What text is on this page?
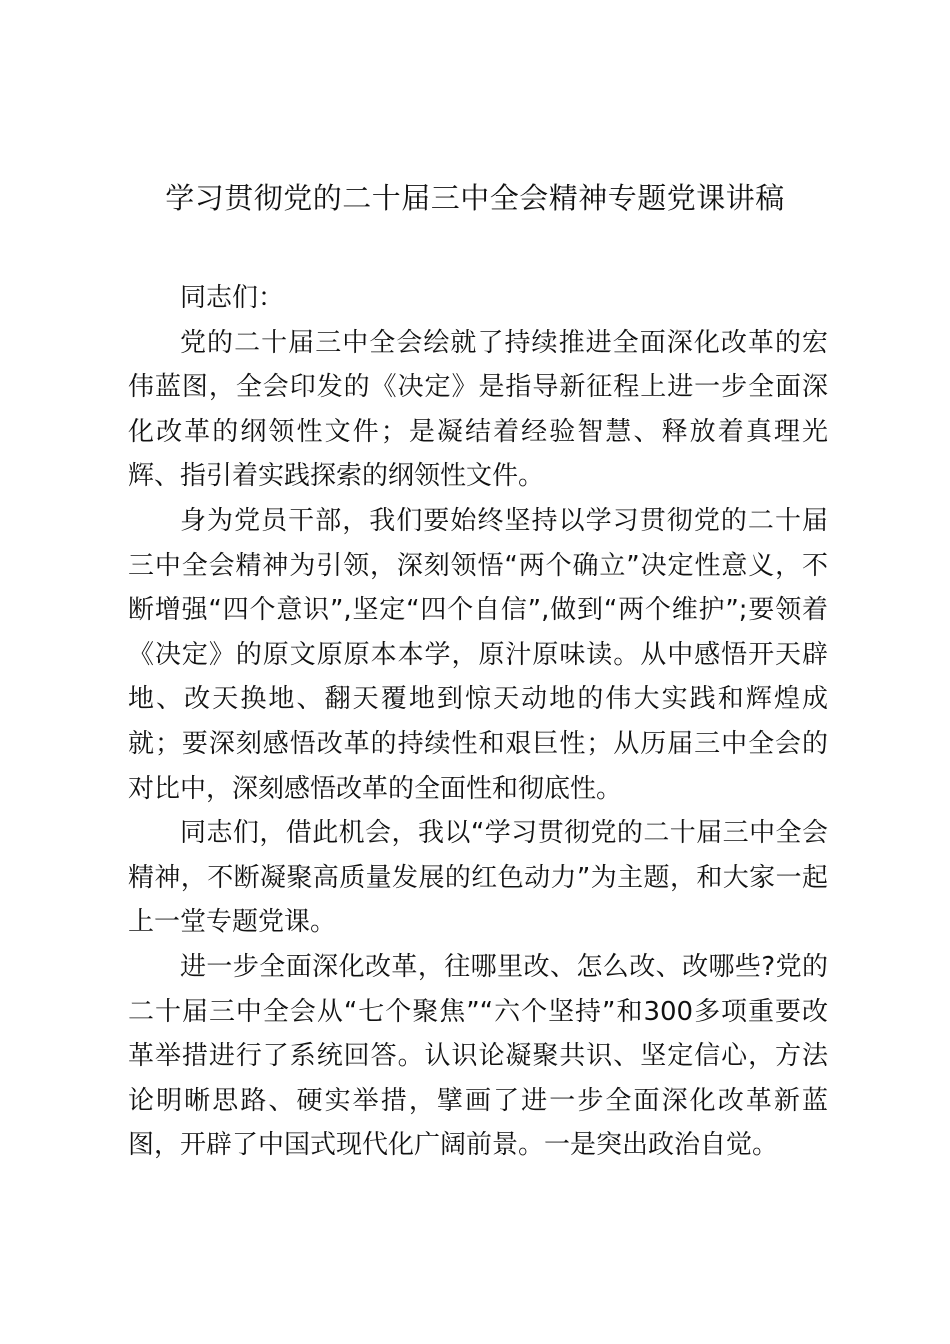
学习贯彻党的二十届三中全会精神专题党课讲稿

同志们：

党的二十届三中全会绘就了持续推进全面深化改革的宏伟蓝图，全会印发的《决定》是指导新征程上进一步全面深化改革的纲领性文件；是凝结着经验智慧、释放着真理光辉、指引着实践探索的纲领性文件。

身为党员干部，我们要始终坚持以学习贯彻党的二十届三中全会精神为引领，深刻领悟“两个确立”决定性意义，不断增强“四个意识”,坚定“四个自信”,做到“两个维护”;要领着《决定》的原文原原本本学，原汁原味读。从中感悟开天辟地、改天换地、翻天覆地到惊天动地的伟大实践和辉煌成就；要深刻感悟改革的持续性和艰巨性；从历届三中全会的对比中，深刻感悟改革的全面性和彻底性。

同志们，借此机会，我以“学习贯彻党的二十届三中全会精神，不断凝聚高质量发展的红色动力”为主题，和大家一起上一堂专题党课。

进一步全面深化改革，往哪里改、怎么改、改哪些?党的二十届三中全会从“七个聚焦”“六个坚持”和300多项重要改革举措进行了系统回答。认识论凝聚共识、坚定信心，方法论明晰思路、硬实举措，擘画了进一步全面深化改革新蓝图，开辟了中国式现代化广阔前景。一是突出政治自觉。
